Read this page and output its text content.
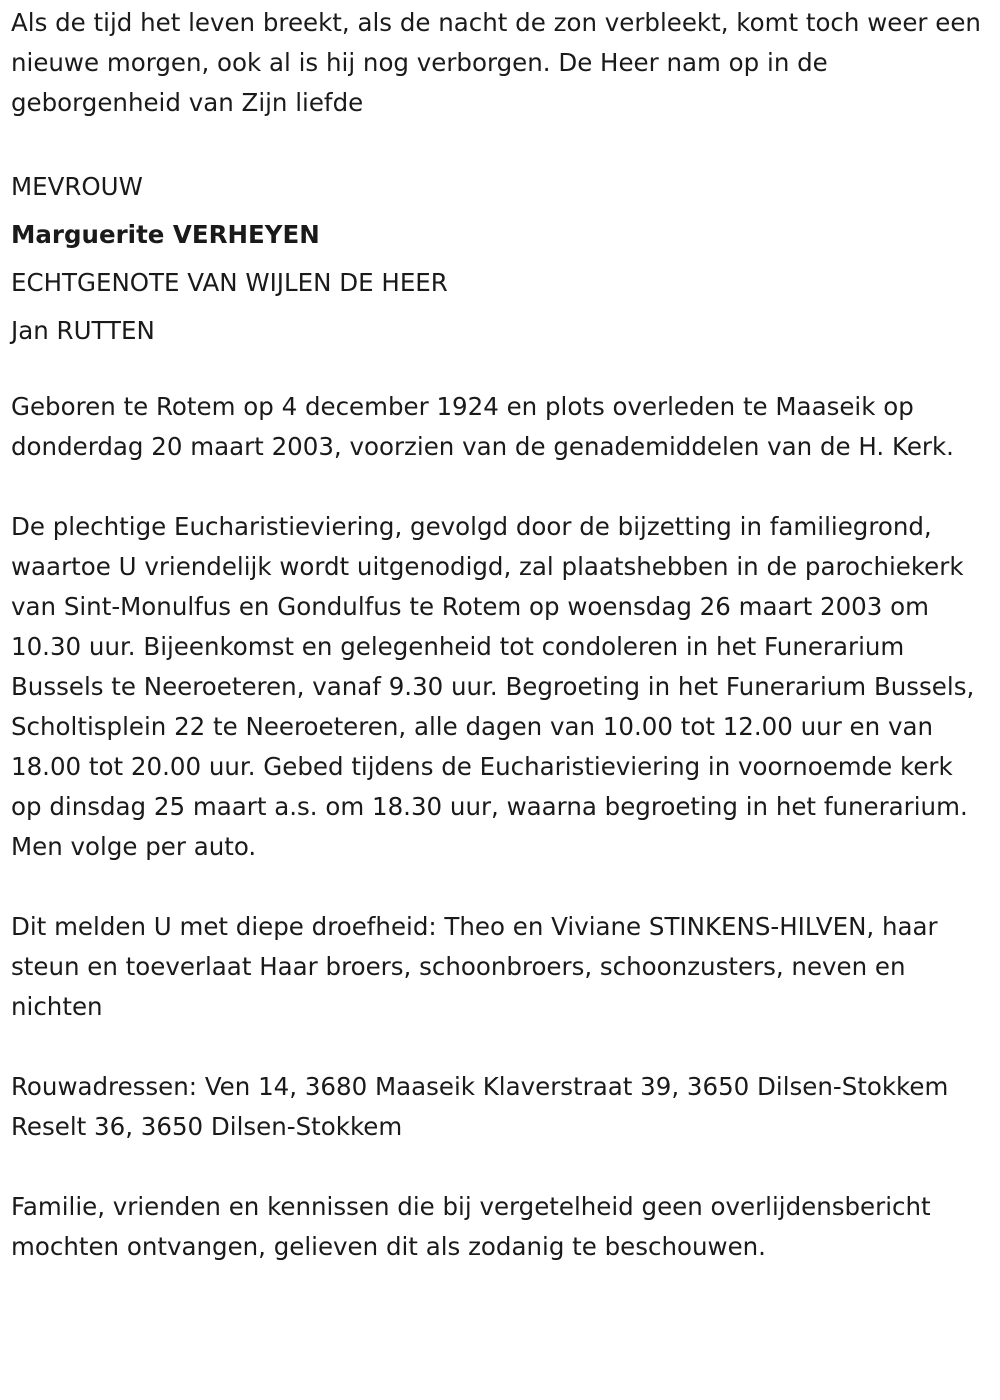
Als de tijd het leven breekt, als de nacht de zon verbleekt, komt toch weer een nieuwe morgen, ook al is hij nog verborgen. De Heer nam op in de geborgenheid van Zijn liefde

MEVROUW

Marguerite VERHEYEN

ECHTGENOTE VAN WIJLEN DE HEER

Jan RUTTEN

Geboren te Rotem op 4 december 1924 en plots overleden te Maaseik op donderdag 20 maart 2003, voorzien van de genademiddelen van de H. Kerk.

De plechtige Eucharistieviering, gevolgd door de bijzetting in familiegrond, waartoe U vriendelijk wordt uitgenodigd, zal plaatshebben in de parochiekerk van Sint-Monulfus en Gondulfus te Rotem op woensdag 26 maart 2003 om 10.30 uur. Bijeenkomst en gelegenheid tot condoleren in het Funerarium Bussels te Neeroeteren, vanaf 9.30 uur. Begroeting in het Funerarium Bussels, Scholtisplein 22 te Neeroeteren, alle dagen van 10.00 tot 12.00 uur en van 18.00 tot 20.00 uur. Gebed tijdens de Eucharistieviering in voornoemde kerk op dinsdag 25 maart a.s. om 18.30 uur, waarna begroeting in het funerarium. Men volge per auto.

Dit melden U met diepe droefheid: Theo en Viviane STINKENS-HILVEN, haar steun en toeverlaat Haar broers, schoonbroers, schoonzusters, neven en nichten

Rouwadressen: Ven 14, 3680 Maaseik Klaverstraat 39, 3650 Dilsen-Stokkem Reselt 36, 3650 Dilsen-Stokkem

Familie, vrienden en kennissen die bij vergetelheid geen overlijdensbericht mochten ontvangen, gelieven dit als zodanig te beschouwen.
